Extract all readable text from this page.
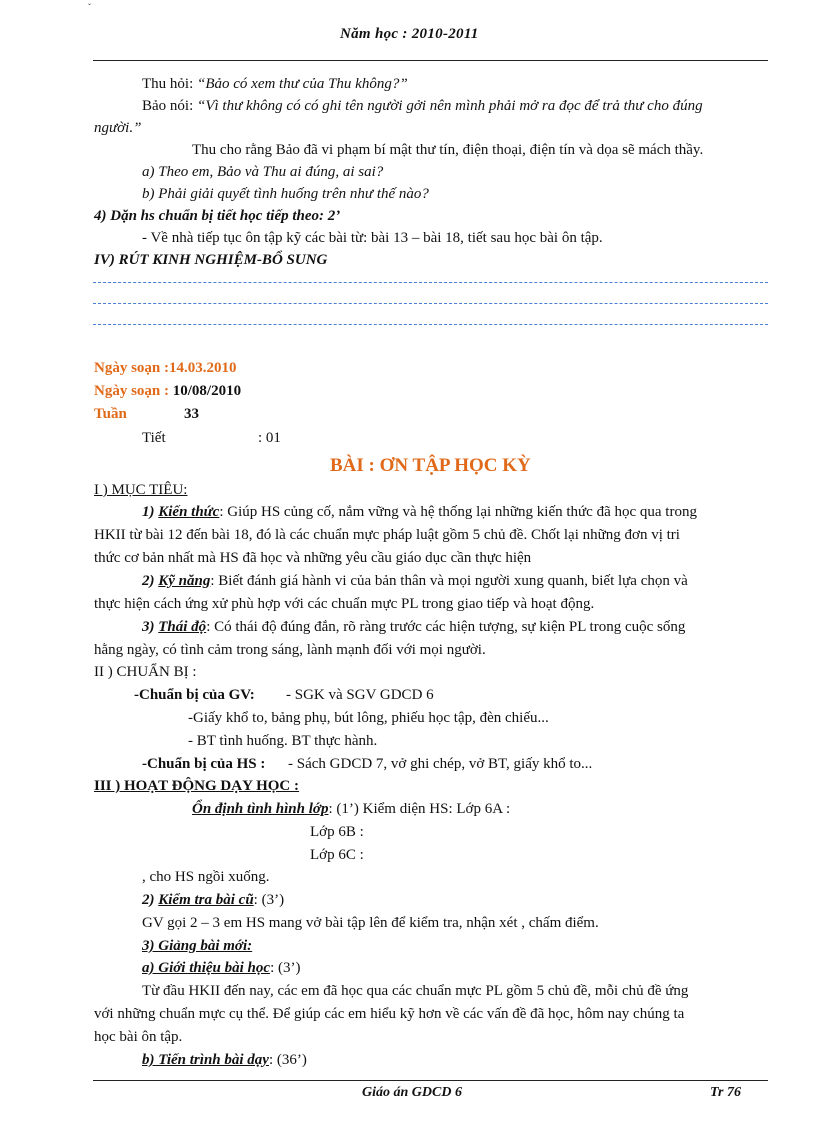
ˇ
Năm học : 2010-2011
Thu hỏi: “Bảo có xem thư của Thu không?”
Bảo nói: “Vì thư không có có ghi tên người gởi nên mình phải mở ra đọc để trả thư cho đúng
người.”
Thu cho rằng Bảo đã vi phạm bí mật thư tín, điện thoại, điện tín và dọa sẽ mách thầy.
a) Theo em, Bảo và Thu ai đúng, ai sai?
b) Phải giải quyết tình huống trên như thế nào?
4) Dặn hs chuẩn bị tiết học tiếp theo: 2’
- Về nhà tiếp tục ôn tập kỹ các bài từ: bài 13 – bài 18, tiết sau học bài ôn tập.
IV) RÚT KINH NGHIỆM-BỔ SUNG
Ngày soạn :14.03.2010
Ngày soạn : 10/08/2010
Tuần	33
Tiết	: 01
BÀI : ƠN TẬP HỌC KỲ
I ) MỤC TIÊU:
1) Kiến thức: Giúp HS củng cố, nắm vững và hệ thống lại những kiến thức đã học qua trong
HKII từ bài 12 đến bài 18, đó là các chuẩn mực pháp luật gồm 5 chủ đề. Chốt lại những đơn vị tri
thức cơ bản nhất mà HS đã học và những yêu cầu giáo dục cần thực hiện
2) Kỹ năng: Biết đánh giá hành vi của bản thân và mọi người xung quanh, biết lựa chọn và
thực hiện cách ứng xử phù hợp với các chuẩn mực PL trong giao tiếp và hoạt động.
3) Thái độ: Có thái độ đúng đắn, rõ ràng trước các hiện tượng, sự kiện PL trong cuộc sống
hằng ngày, có tình cảm trong sáng, lành mạnh đối với mọi người.
II ) CHUẨN BỊ :
-Chuẩn bị của GV: - SGK và SGV GDCD 6
-Giấy khổ to, bảng phụ, bút lông, phiếu học tập, đèn chiếu...
- BT tình huống. BT thực hành.
-Chuẩn bị của HS : - Sách GDCD 7, vở ghi chép, vở BT, giấy khổ to...
III ) HOẠT ĐỘNG DẠY HỌC :
Ổn định tình hình lớp: (1’) Kiểm diện HS: Lớp 6A :
Lớp 6B :
Lớp 6C :
, cho HS ngồi xuống.
2) Kiểm tra bài cũ: (3’)
GV gọi 2 – 3 em HS mang vở bài tập lên để kiểm tra, nhận xét , chấm điểm.
3) Giảng bài mới:
a) Giới thiệu bài học: (3’)
Từ đầu HKII đến nay, các em đã học qua các chuẩn mực PL gồm 5 chủ đề, mỗi chủ đề ứng
với những chuẩn mực cụ thể. Để giúp các em hiểu kỹ hơn về các vấn đề đã học, hôm nay chúng ta
học bài ôn tập.
b) Tiến trình bài dạy: (36’)
Giáo án GDCD 6	Tr 76
